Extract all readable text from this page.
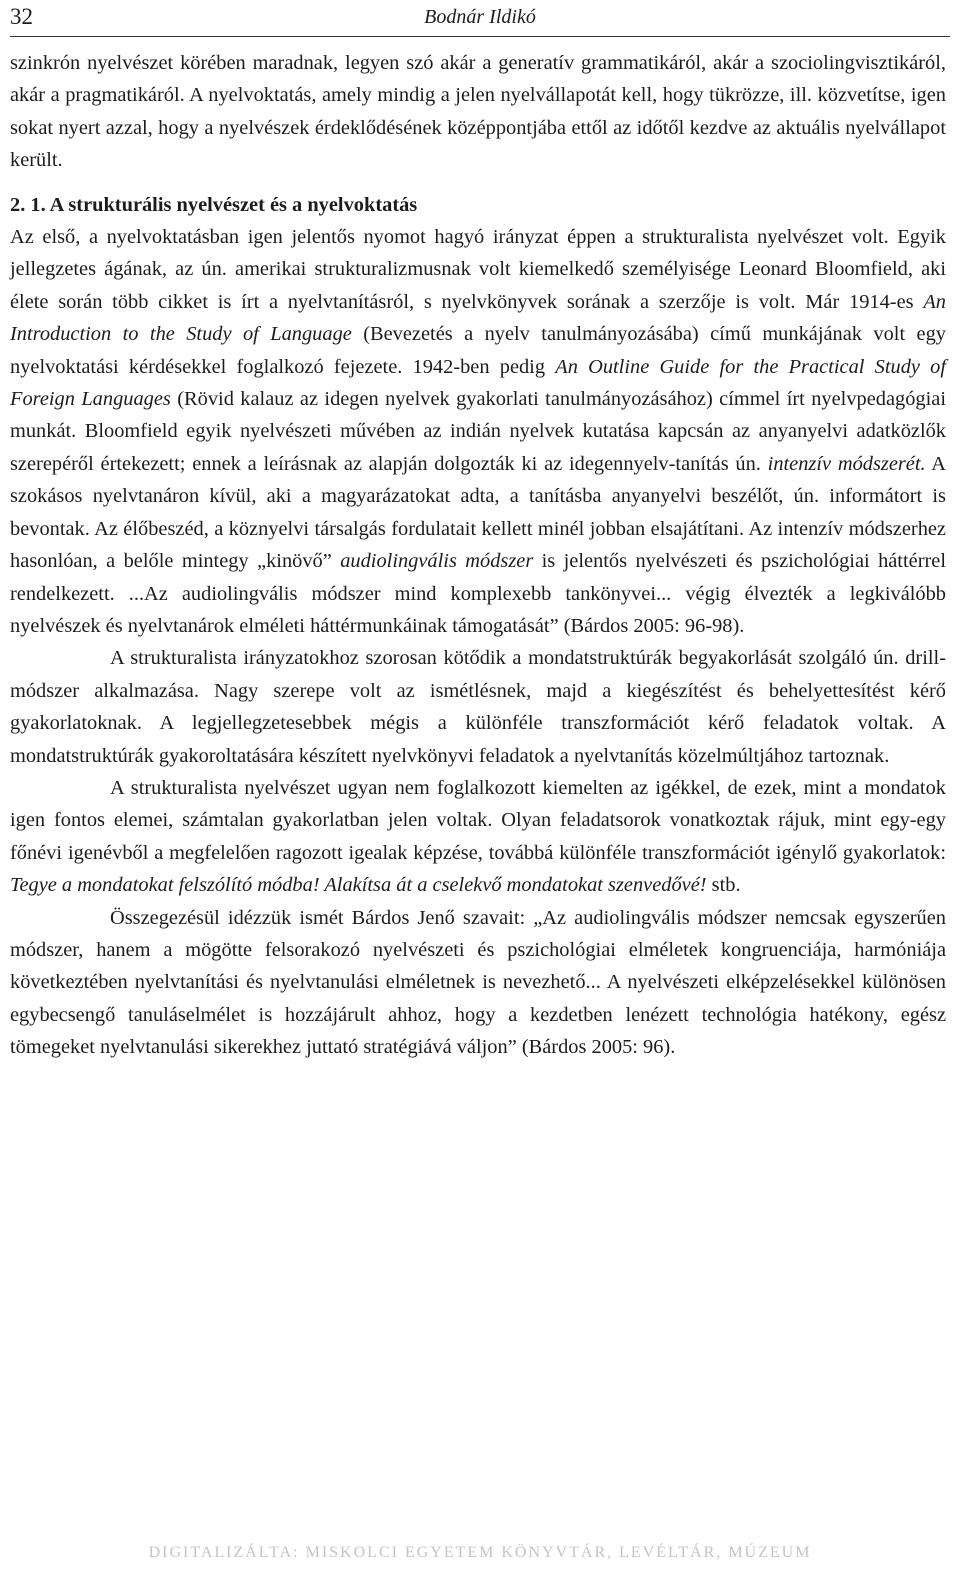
32	Bodnár Ildikó

szinkrón nyelvészet körében maradnak, legyen szó akár a generatív grammatikáról, akár a szociolingvisztikáról, akár a pragmatikáról. A nyelvoktatás, amely mindig a jelen nyelvállapotát kell, hogy tükrözze, ill. közvetítse, igen sokat nyert azzal, hogy a nyelvészek érdeklődésének középpontjába ettől az időtől kezdve az aktuális nyelvállapot került.

2. 1. A strukturális nyelvészet és a nyelvoktatás

Az első, a nyelvoktatásban igen jelentős nyomot hagyó irányzat éppen a strukturalista nyelvészet volt. Egyik jellegzetes ágának, az ún. amerikai strukturalizmusnak volt kiemelkedő személyisége Leonard Bloomfield, aki élete során több cikket is írt a nyelvtanításról, s nyelvkönyvek sorának a szerzője is volt. Már 1914-es An Introduction to the Study of Language (Bevezetés a nyelv tanulmányozásába) című munkájának volt egy nyelvoktatási kérdésekkel foglalkozó fejezete. 1942-ben pedig An Outline Guide for the Practical Study of Foreign Languages (Rövid kalauz az idegen nyelvek gyakorlati tanulmányozásához) címmel írt nyelvpedagógiai munkát. Bloomfield egyik nyelvészeti művében az indián nyelvek kutatása kapcsán az anyanyelvi adatközlők szerepéről értekezett; ennek a leírásnak az alapján dolgozták ki az idegennyelv-tanítás ún. intenzív módszerét. A szokásos nyelvtanáron kívül, aki a magyarázatokat adta, a tanításba anyanyelvi beszélőt, ún. informátort is bevontak. Az élőbeszéd, a köznyelvi társalgás fordulatait kellett minél jobban elsajátítani. Az intenzív módszerhez hasonlóan, a belőle mintegy „kinövő” audiolingvális módszer is jelentős nyelvészeti és pszichológiai háttérrel rendelkezett. ...Az audiolingvális módszer mind komplexebb tankönyvei... végig élvezték a legkiválóbb nyelvészek és nyelvtanárok elméleti háttérmunkáinak támogatását” (Bárdos 2005: 96-98).

A strukturalista irányzatokhoz szorosan kötődik a mondatstruktúrák begyakorlását szolgáló ún. drill-módszer alkalmazása. Nagy szerepe volt az ismétlésnek, majd a kiegészítést és behelyettesítést kérő gyakorlatoknak. A legjellegzetesebbek mégis a különféle transzformációt kérő feladatok voltak. A mondatstruktúrák gyakoroltatására készített nyelvkönyvi feladatok a nyelvtanítás közelmúltjához tartoznak.

A strukturalista nyelvészet ugyan nem foglalkozott kiemelten az igékkel, de ezek, mint a mondatok igen fontos elemei, számtalan gyakorlatban jelen voltak. Olyan feladatsorok vonatkoztak rájuk, mint egy-egy főnévi igenévből a megfelelően ragozott igealak képzése, továbbá különféle transzformációt igénylő gyakorlatok: Tegye a mondatokat felszólító módba! Alakítsa át a cselekvő mondatokat szenvedővé! stb.

Összegezésül idézzük ismét Bárdos Jenő szavait: „Az audiolingvális módszer nemcsak egyszerűen módszer, hanem a mögötte felsorakozó nyelvészeti és pszichológiai elméletek kongruenciája, harmóniája következtében nyelvtanítási és nyelvtanulási elméletnek is nevezhető... A nyelvészeti elképzelésekkel különösen egybecsengő tanuláselmélet is hozzájárult ahhoz, hogy a kezdetben lenézett technológia hatékony, egész tömegeket nyelvtanulási sikerekhez juttató stratégiává váljon” (Bárdos 2005: 96).

DIGITALIZÁLTA: MISKOLCI EGYETEM KÖNYVTÁR, LEVÉLTÁR, MÚZEUM
